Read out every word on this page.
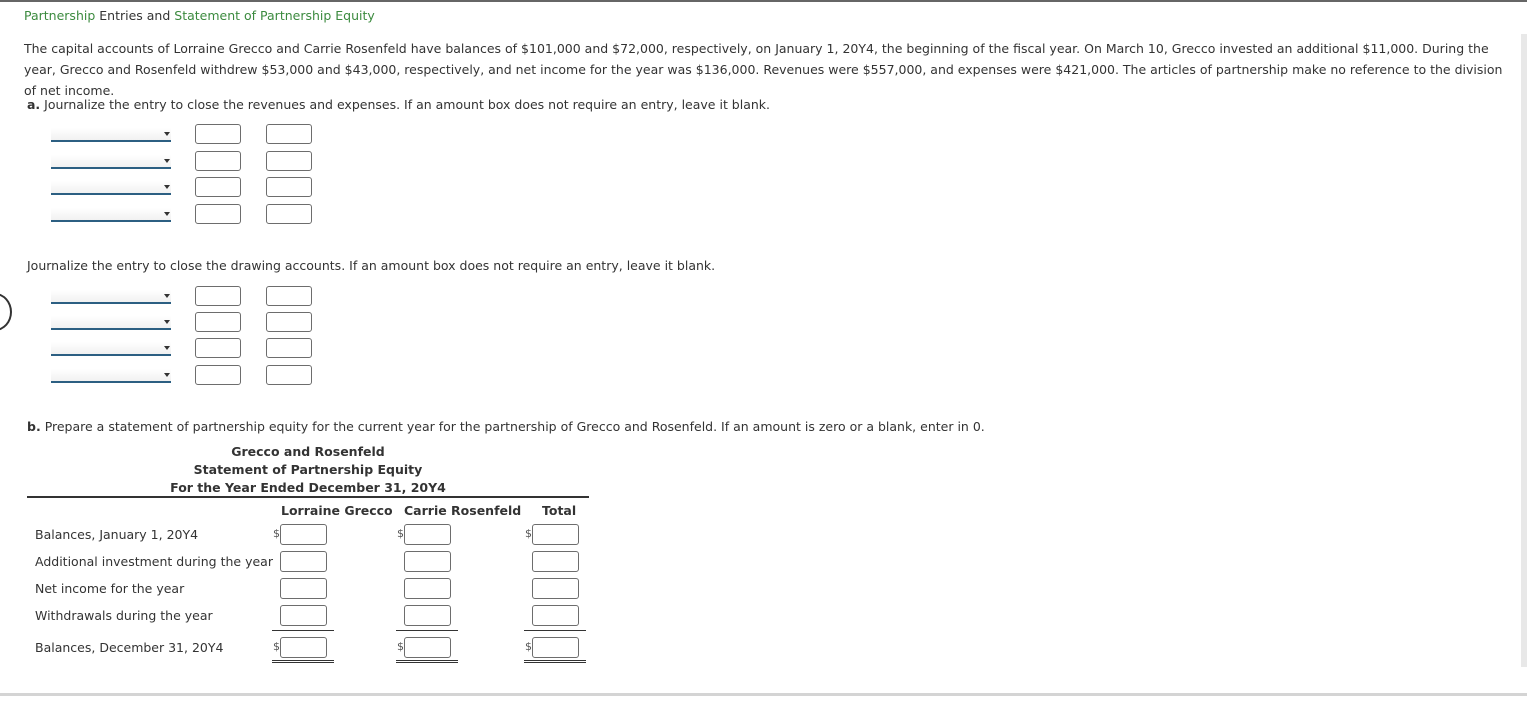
Partnership Entries and Statement of Partnership Equity
The capital accounts of Lorraine Grecco and Carrie Rosenfeld have balances of $101,000 and $72,000, respectively, on January 1, 20Y4, the beginning of the fiscal year. On March 10, Grecco invested an additional $11,000. During the year, Grecco and Rosenfeld withdrew $53,000 and $43,000, respectively, and net income for the year was $136,000. Revenues were $557,000, and expenses were $421,000. The articles of partnership make no reference to the division of net income.
a. Journalize the entry to close the revenues and expenses. If an amount box does not require an entry, leave it blank.
Journalize the entry to close the drawing accounts. If an amount box does not require an entry, leave it blank.
b. Prepare a statement of partnership equity for the current year for the partnership of Grecco and Rosenfeld. If an amount is zero or a blank, enter in 0.
Grecco and Rosenfeld
Statement of Partnership Equity
For the Year Ended December 31, 20Y4
Lorraine Grecco Carrie Rosenfeld Total
Balances, January 1, 20Y4	$	$	$
Additional investment during the year
Net income for the year
Withdrawals during the year
Balances, December 31, 20Y4	$	$	$
